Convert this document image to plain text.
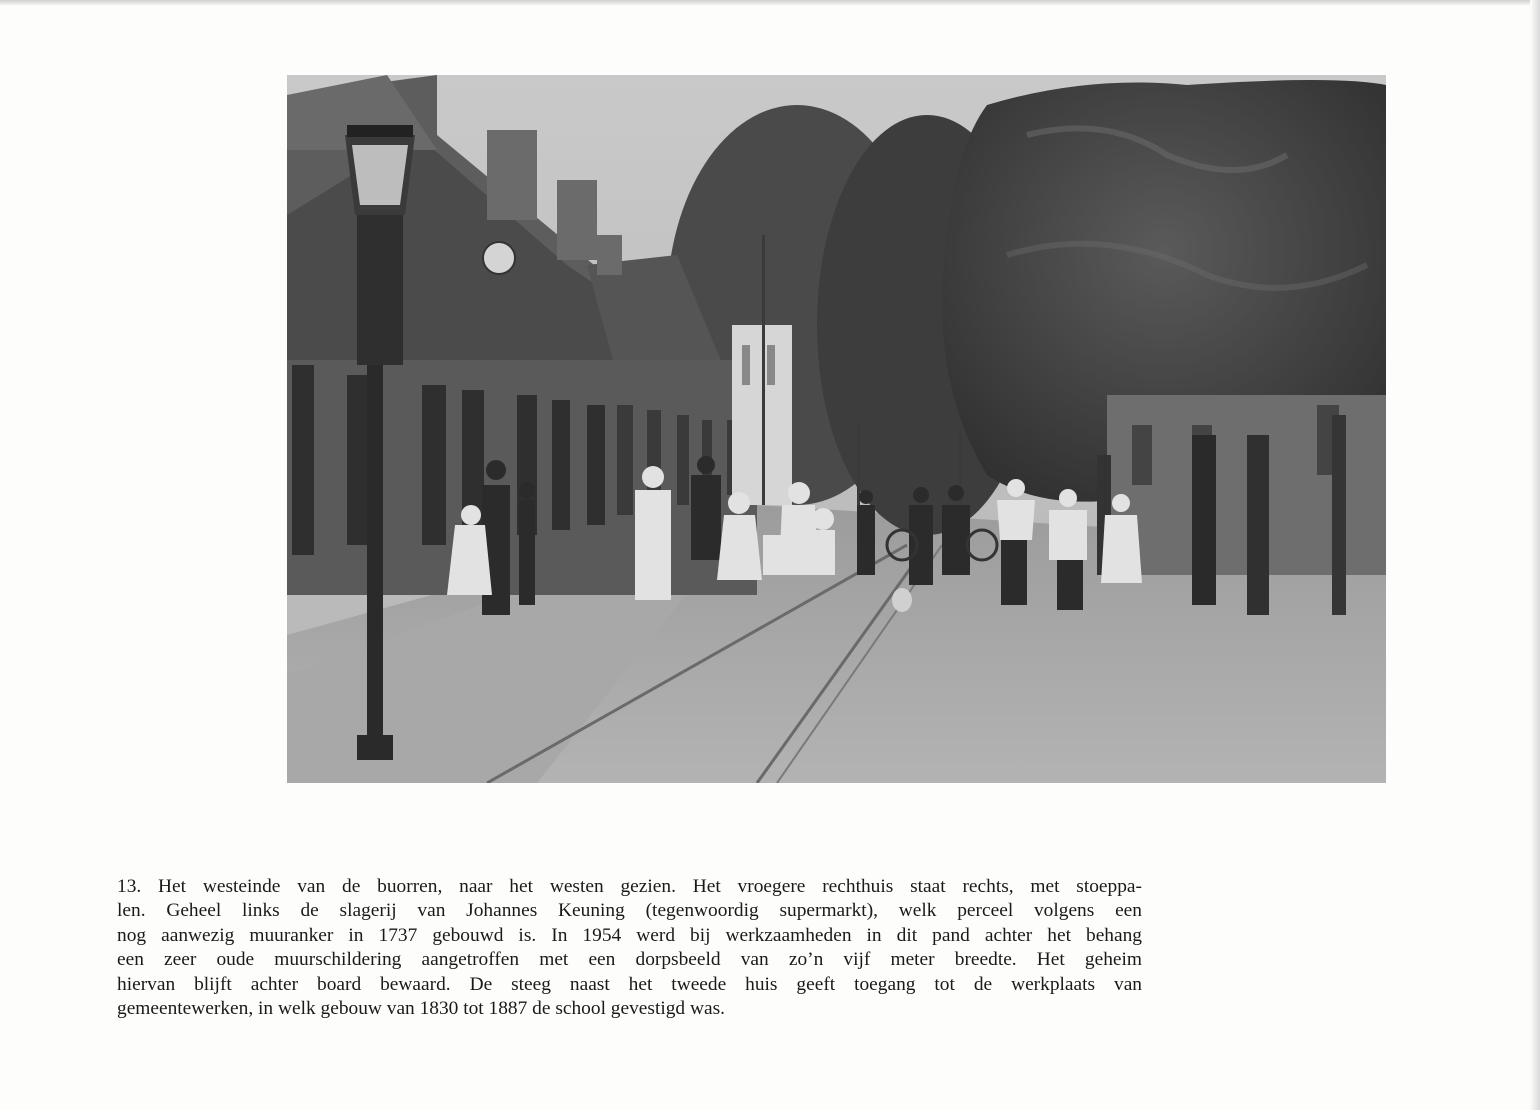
13. Het westeinde van de buorren, naar het westen gezien. Het vroegere rechthuis staat rechts, met stoeppa-
len. Geheel links de slagerij van Johannes Keuning (tegenwoordig supermarkt), welk perceel volgens een
nog aanwezig muuranker in 1737 gebouwd is. In 1954 werd bij werkzaamheden in dit pand achter het behang
een zeer oude muurschildering aangetroffen met een dorpsbeeld van zo’n vijf meter breedte. Het geheim
hiervan blijft achter board bewaard. De steeg naast het tweede huis geeft toegang tot de werkplaats van
gemeentewerken, in welk gebouw van 1830 tot 1887 de school gevestigd was.
